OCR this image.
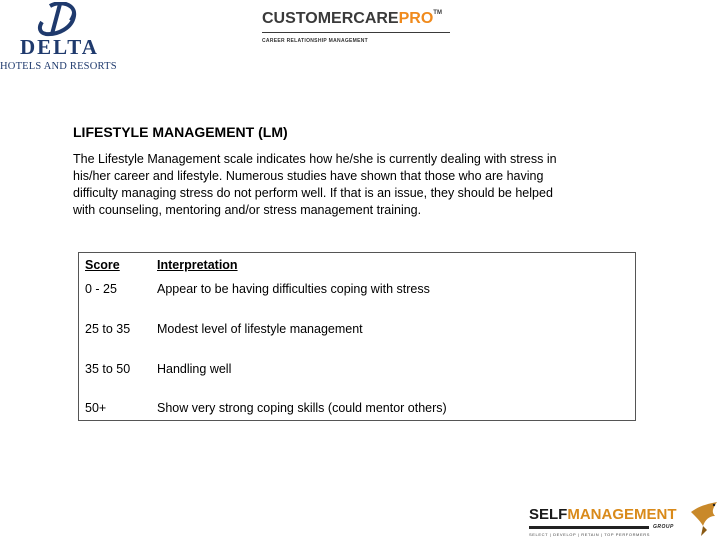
DELTA
HOTELS AND RESORTS
CUSTOMERCAREPRO™
CAREER RELATIONSHIP MANAGEMENT
LIFESTYLE MANAGEMENT (LM)
The Lifestyle Management scale indicates how he/she is currently dealing with stress in
his/her career and lifestyle. Numerous studies have shown that those who are having
difficulty managing stress do not perform well. If that is an issue, they should be helped
with counseling, mentoring and/or stress management training.
Score	Interpretation
0 - 25	Appear to be having difficulties coping with stress
25 to 35 Modest level of lifestyle management
35 to 50 Handling well
50+	Show very strong coping skills (could mentor others)
SELFMANAGEMENT
GROUP
SELECT | DEVELOP | RETAIN | TOP PERFORMERS
